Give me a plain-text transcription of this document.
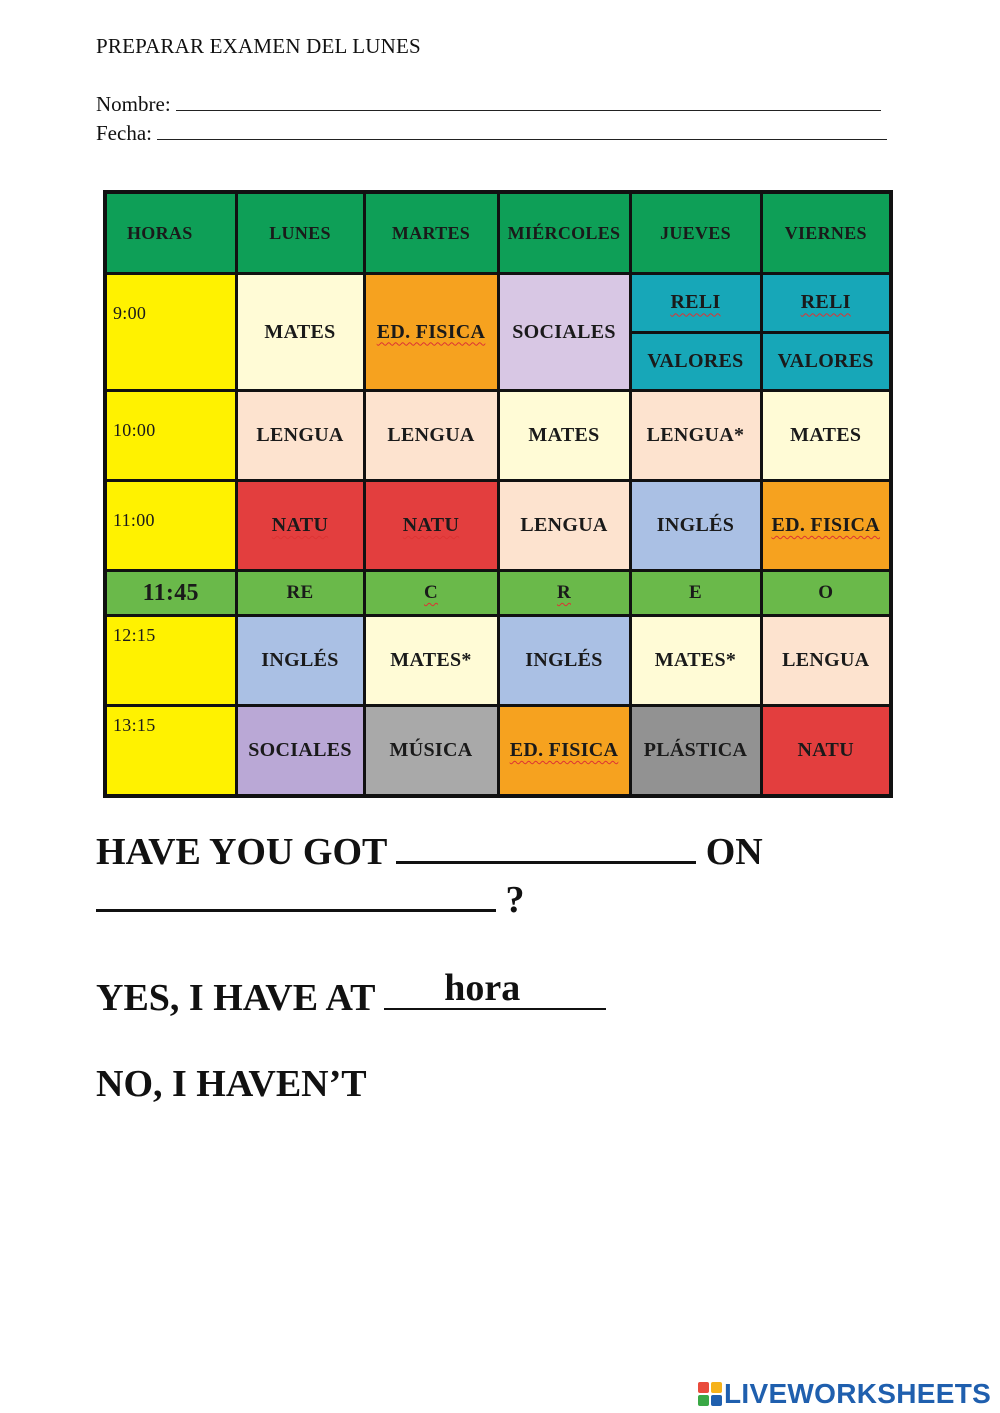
PREPARAR EXAMEN DEL LUNES
Nombre:
Fecha:
HORAS	LUNES	MARTES	MIÉRCOLES	JUEVES	VIERNES
9:00	MATES	ED. FISICA	SOCIALES	RELI	RELI
				VALORES	VALORES
10:00	LENGUA	LENGUA	MATES	LENGUA*	MATES
11:00	NATU	NATU	LENGUA	INGLÉS	ED. FISICA
11:45	RE	C	R	E	O
12:15	INGLÉS	MATES*	INGLÉS	MATES*	LENGUA
13:15	SOCIALES	MÚSICA	ED. FISICA	PLÁSTICA	NATU
HAVE YOU GOT	ON
?
YES, I HAVE AT hora
NO, I HAVEN’T
LIVEWORKSHEETS
